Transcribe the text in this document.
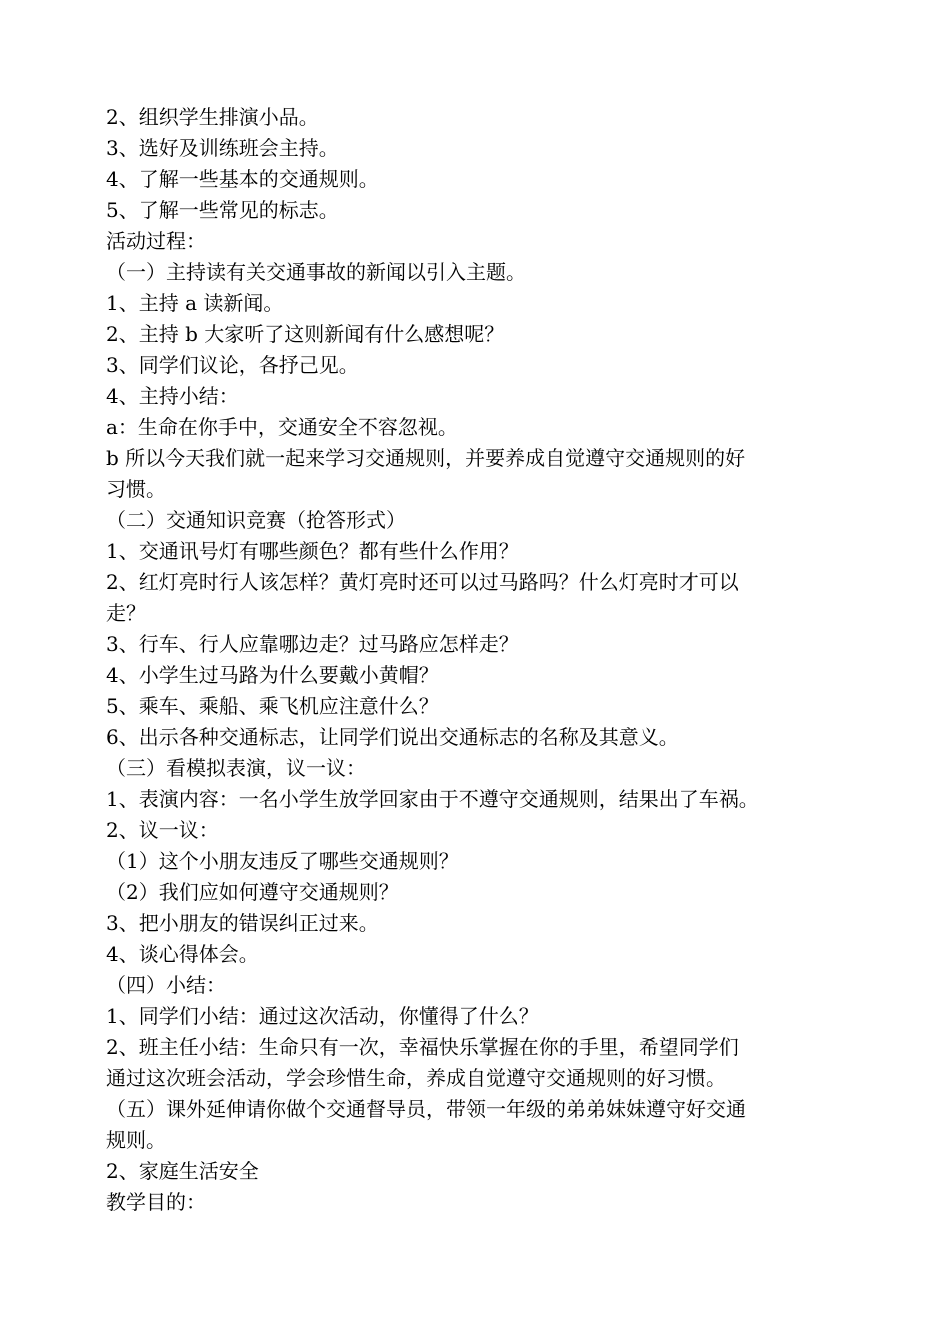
2、组织学生排演小品。
3、选好及训练班会主持。
4、了解一些基本的交通规则。
5、了解一些常见的标志。
活动过程：
（一）主持读有关交通事故的新闻以引入主题。
1、主持 a 读新闻。
2、主持 b 大家听了这则新闻有什么感想呢？
3、同学们议论，各抒己见。
4、主持小结：
a：生命在你手中，交通安全不容忽视。
b 所以今天我们就一起来学习交通规则，并要养成自觉遵守交通规则的好
习惯。
（二）交通知识竞赛（抢答形式）
1、交通讯号灯有哪些颜色？都有些什么作用？
2、红灯亮时行人该怎样？黄灯亮时还可以过马路吗？什么灯亮时才可以
走？
3、行车、行人应靠哪边走？过马路应怎样走？
4、小学生过马路为什么要戴小黄帽？
5、乘车、乘船、乘飞机应注意什么？
6、出示各种交通标志，让同学们说出交通标志的名称及其意义。
（三）看模拟表演，议一议：
1、表演内容：一名小学生放学回家由于不遵守交通规则，结果出了车祸。
2、议一议：
（1）这个小朋友违反了哪些交通规则？
（2）我们应如何遵守交通规则？
3、把小朋友的错误纠正过来。
4、谈心得体会。
（四）小结：
1、同学们小结：通过这次活动，你懂得了什么？
2、班主任小结：生命只有一次，幸福快乐掌握在你的手里，希望同学们
通过这次班会活动，学会珍惜生命，养成自觉遵守交通规则的好习惯。
（五）课外延伸请你做个交通督导员，带领一年级的弟弟妹妹遵守好交通
规则。
2、家庭生活安全
教学目的：
